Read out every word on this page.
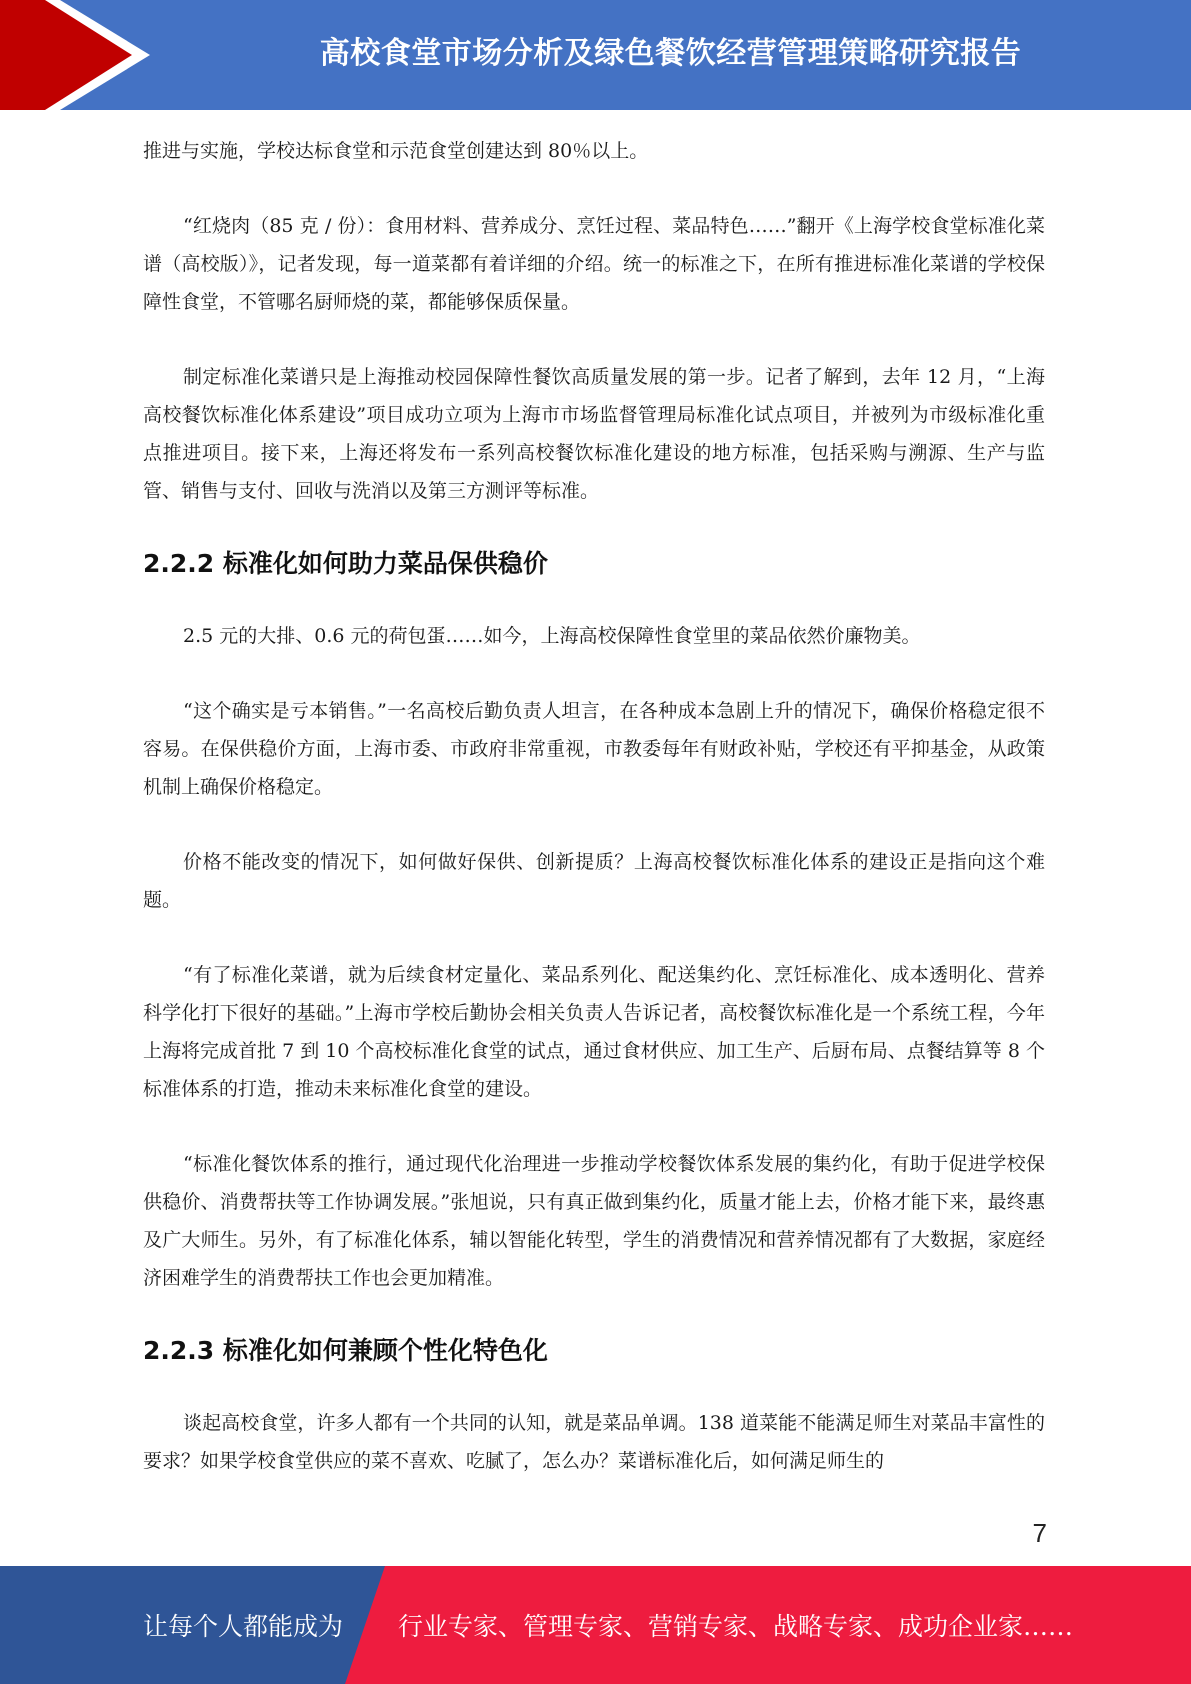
高校食堂市场分析及绿色餐饮经营管理策略研究报告

推进与实施，学校达标食堂和示范食堂创建达到 80％以上。

“红烧肉（85 克 / 份）：食用材料、营养成分、烹饪过程、菜品特色……”翻开《上海学校食堂标准化菜谱（高校版）》，记者发现，每一道菜都有着详细的介绍。统一的标准之下，在所有推进标准化菜谱的学校保障性食堂，不管哪名厨师烧的菜，都能够保质保量。

制定标准化菜谱只是上海推动校园保障性餐饮高质量发展的第一步。记者了解到，去年 12 月，“上海高校餐饮标准化体系建设”项目成功立项为上海市市场监督管理局标准化试点项目，并被列为市级标准化重点推进项目。接下来，上海还将发布一系列高校餐饮标准化建设的地方标准，包括采购与溯源、生产与监管、销售与支付、回收与洗消以及第三方测评等标准。

2.2.2 标准化如何助力菜品保供稳价

2.5 元的大排、0.6 元的荷包蛋……如今，上海高校保障性食堂里的菜品依然价廉物美。

“这个确实是亏本销售。”一名高校后勤负责人坦言，在各种成本急剧上升的情况下，确保价格稳定很不容易。在保供稳价方面，上海市委、市政府非常重视，市教委每年有财政补贴，学校还有平抑基金，从政策机制上确保价格稳定。

价格不能改变的情况下，如何做好保供、创新提质？上海高校餐饮标准化体系的建设正是指向这个难题。

“有了标准化菜谱，就为后续食材定量化、菜品系列化、配送集约化、烹饪标准化、成本透明化、营养科学化打下很好的基础。”上海市学校后勤协会相关负责人告诉记者，高校餐饮标准化是一个系统工程，今年上海将完成首批 7 到 10 个高校标准化食堂的试点，通过食材供应、加工生产、后厨布局、点餐结算等 8 个标准体系的打造，推动未来标准化食堂的建设。

“标准化餐饮体系的推行，通过现代化治理进一步推动学校餐饮体系发展的集约化，有助于促进学校保供稳价、消费帮扶等工作协调发展。”张旭说，只有真正做到集约化，质量才能上去，价格才能下来，最终惠及广大师生。另外，有了标准化体系，辅以智能化转型，学生的消费情况和营养情况都有了大数据，家庭经济困难学生的消费帮扶工作也会更加精准。

2.2.3 标准化如何兼顾个性化特色化

谈起高校食堂，许多人都有一个共同的认知，就是菜品单调。138 道菜能不能满足师生对菜品丰富性的要求？如果学校食堂供应的菜不喜欢、吃腻了，怎么办？菜谱标准化后，如何满足师生的

7
让每个人都能成为 行业专家、管理专家、营销专家、战略专家、成功企业家……
